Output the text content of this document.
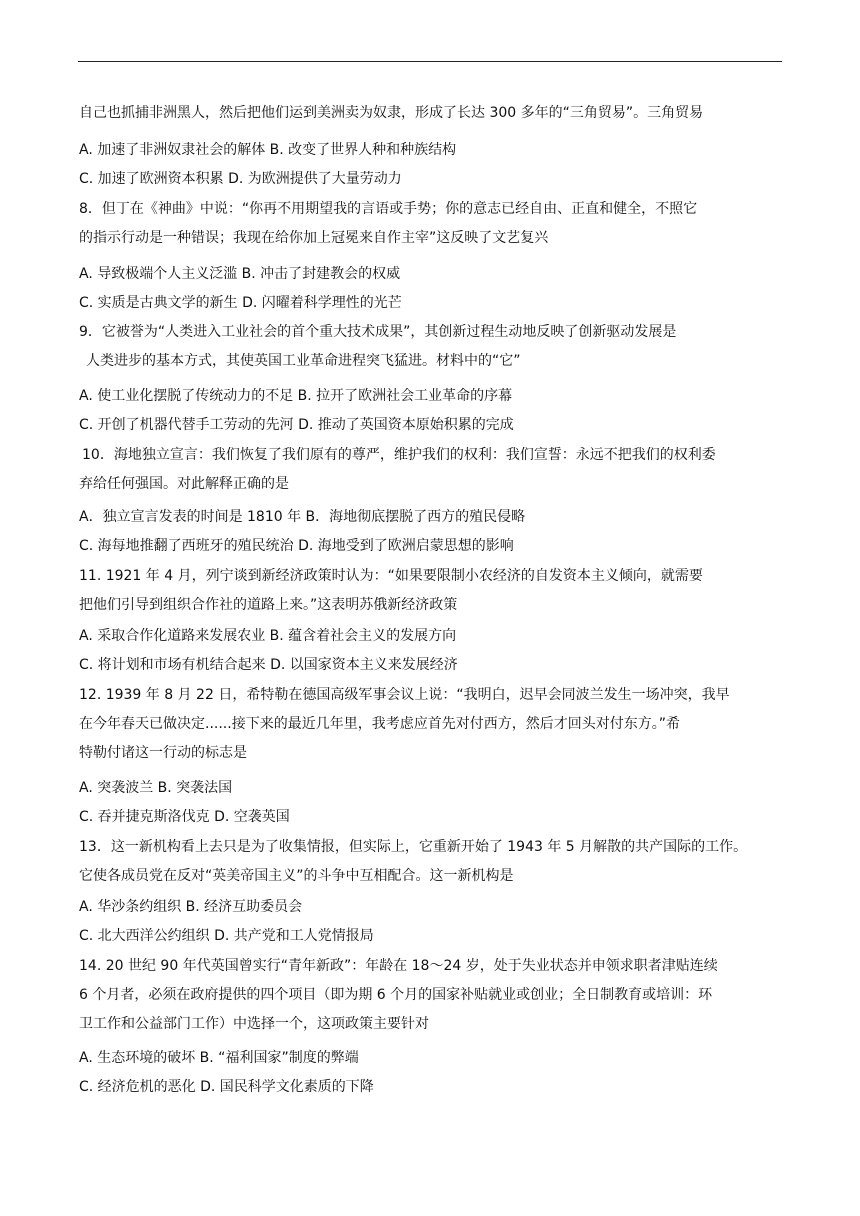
自己也抓捕非洲黑人，然后把他们运到美洲卖为奴隶，形成了长达 300 多年的“三角贸易”。三角贸易
A. 加速了非洲奴隶社会的解体 B. 改变了世界人种和种族结构
C. 加速了欧洲资本积累 D. 为欧洲提供了大量劳动力
8．但丁在《神曲》中说：“你再不用期望我的言语或手势；你的意志已经自由、正直和健全，不照它
的指示行动是一种错误；我现在给你加上冠冕来自作主宰”这反映了文艺复兴
A. 导致极端个人主义泛滥 B. 冲击了封建教会的权威
C. 实质是古典文学的新生 D. 闪曜着科学理性的光芒
9．它被誉为“人类进入工业社会的首个重大技术成果”，其创新过程生动地反映了创新驱动发展是
人类进步的基本方式，其使英国工业革命进程突飞猛进。材料中的“它”
A. 使工业化摆脱了传统动力的不足 B. 拉开了欧洲社会工业革命的序幕
C. 开创了机器代替手工劳动的先河 D. 推动了英国资本原始积累的完成
10．海地独立宣言：我们恢复了我们原有的尊严，维护我们的权利：我们宣誓：永远不把我们的权利委
弃给任何强国。对此解释正确的是
A．独立宣言发表的时间是 1810 年 B．海地彻底摆脱了西方的殖民侵略
C. 海每地推翻了西班牙的殖民统治 D. 海地受到了欧洲启蒙思想的影响
11. 1921 年 4 月，列宁谈到新经济政策时认为：“如果要限制小农经济的自发资本主义倾向，就需要
把他们引导到组织合作社的道路上来。”这表明苏俄新经济政策
A. 采取合作化道路来发展农业 B. 蕴含着社会主义的发展方向
C. 将计划和市场有机结合起来 D. 以国家资本主义来发展经济
12. 1939 年 8 月 22 日，希特勒在德国高级军事会议上说：“我明白，迟早会同波兰发生一场冲突，我早
在今年春天已做决定......接下来的最近几年里，我考虑应首先对付西方，然后才回头对付东方。”希
特勒付诸这一行动的标志是
A. 突袭波兰 B. 突袭法国
C. 吞并捷克斯洛伐克 D. 空袭英国
13．这一新机构看上去只是为了收集情报，但实际上，它重新开始了 1943 年 5 月解散的共产国际的工作。
它使各成员党在反对“英美帝国主义”的斗争中互相配合。这一新机构是
A. 华沙条约组织 B. 经济互助委员会
C. 北大西洋公约组织 D. 共产党和工人党情报局
14. 20 世纪 90 年代英国曾实行“青年新政”：年龄在 18～24 岁，处于失业状态并申领求职者津贴连续
6 个月者，必须在政府提供的四个项目（即为期 6 个月的国家补贴就业或创业；全日制教育或培训：环
卫工作和公益部门工作）中选择一个，这项政策主要针对
A. 生态环境的破坏 B. “福利国家”制度的弊端
C. 经济危机的恶化 D. 国民科学文化素质的下降
